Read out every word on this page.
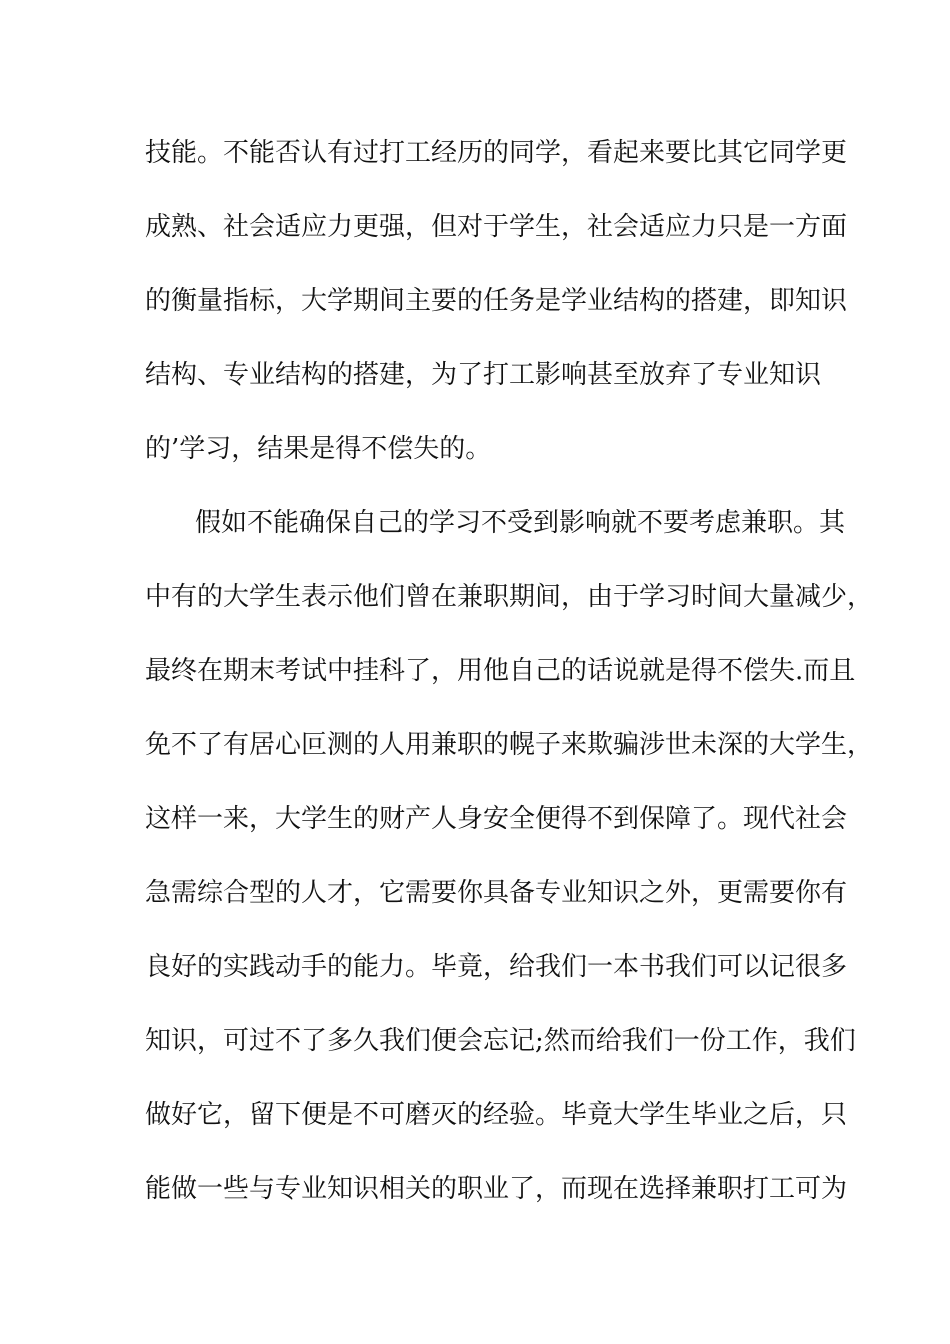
技能。不能否认有过打工经历的同学，看起来要比其它同学更
成熟、社会适应力更强，但对于学生，社会适应力只是一方面
的衡量指标，大学期间主要的任务是学业结构的搭建，即知识
结构、专业结构的搭建，为了打工影响甚至放弃了专业知识
的’学习，结果是得不偿失的。
假如不能确保自己的学习不受到影响就不要考虑兼职。其
中有的大学生表示他们曾在兼职期间，由于学习时间大量减少，
最终在期末考试中挂科了，用他自己的话说就是得不偿失.而且
免不了有居心叵测的人用兼职的幌子来欺骗涉世未深的大学生，
这样一来，大学生的财产人身安全便得不到保障了。现代社会
急需综合型的人才，它需要你具备专业知识之外，更需要你有
良好的实践动手的能力。毕竟，给我们一本书我们可以记很多
知识，可过不了多久我们便会忘记;然而给我们一份工作，我们
做好它，留下便是不可磨灭的经验。毕竟大学生毕业之后，只
能做一些与专业知识相关的职业了，而现在选择兼职打工可为
